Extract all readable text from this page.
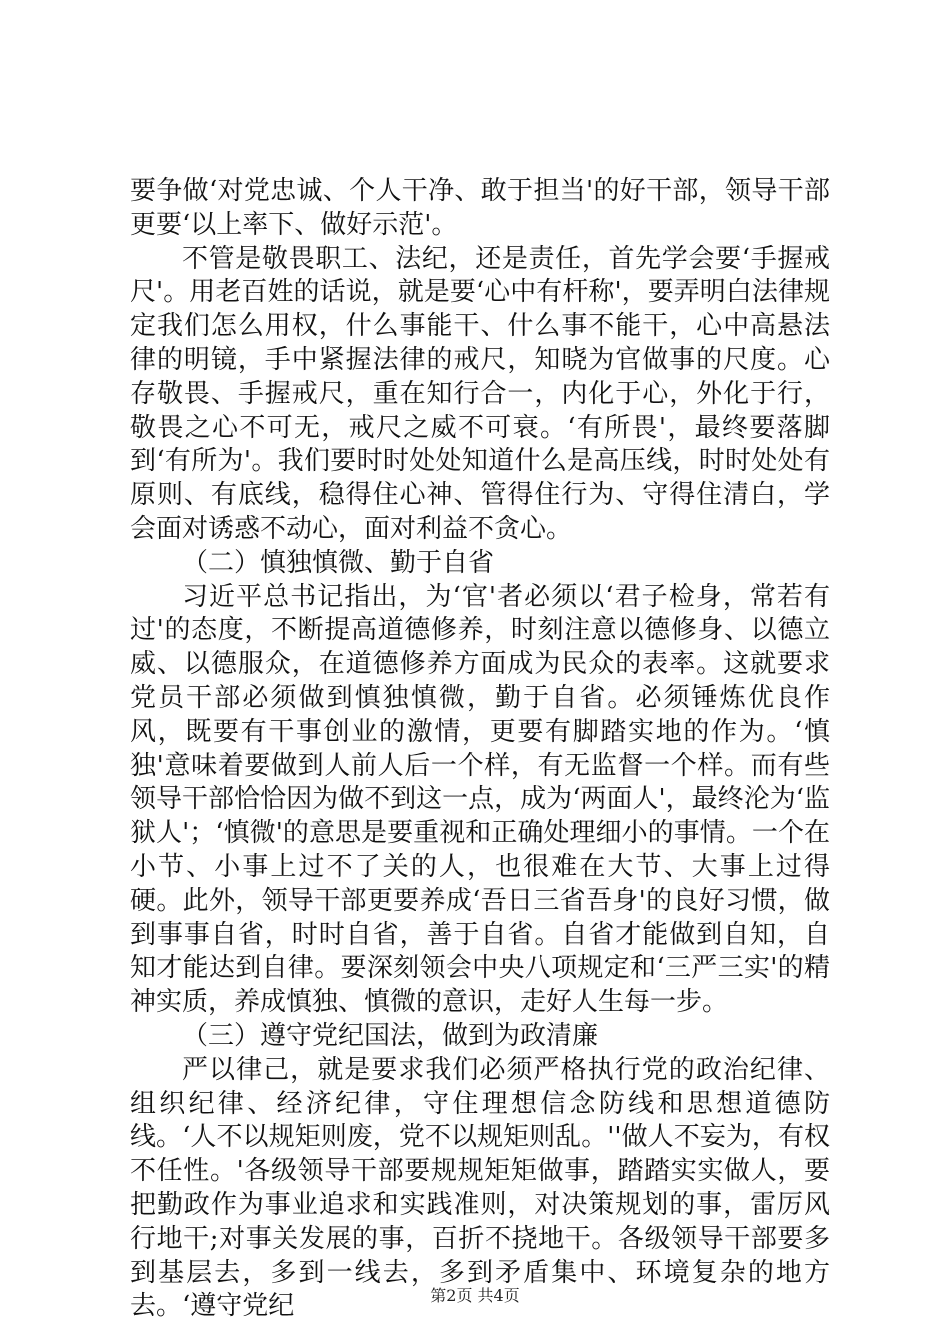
要争做‘对党忠诚、个人干净、敢于担当'的好干部，领导干部更要‘以上率下、做好示范'。

不管是敬畏职工、法纪，还是责任，首先学会要‘手握戒尺'。用老百姓的话说，就是要‘心中有杆称'，要弄明白法律规定我们怎么用权，什么事能干、什么事不能干，心中高悬法律的明镜，手中紧握法律的戒尺，知晓为官做事的尺度。心存敬畏、手握戒尺，重在知行合一，内化于心，外化于行，敬畏之心不可无，戒尺之威不可衰。‘有所畏'，最终要落脚到‘有所为'。我们要时时处处知道什么是高压线，时时处处有原则、有底线，稳得住心神、管得住行为、守得住清白，学会面对诱惑不动心，面对利益不贪心。

（二）慎独慎微、勤于自省

习近平总书记指出，为‘官'者必须以‘君子检身，常若有过'的态度，不断提高道德修养，时刻注意以德修身、以德立威、以德服众，在道德修养方面成为民众的表率。这就要求党员干部必须做到慎独慎微，勤于自省。必须锤炼优良作风，既要有干事创业的激情，更要有脚踏实地的作为。‘慎独'意味着要做到人前人后一个样，有无监督一个样。而有些领导干部恰恰因为做不到这一点，成为‘两面人'，最终沦为‘监狱人'；‘慎微'的意思是要重视和正确处理细小的事情。一个在小节、小事上过不了关的人，也很难在大节、大事上过得硬。此外，领导干部更要养成‘吾日三省吾身'的良好习惯，做到事事自省，时时自省，善于自省。自省才能做到自知，自知才能达到自律。要深刻领会中央八项规定和‘三严三实'的精神实质，养成慎独、慎微的意识，走好人生每一步。

（三）遵守党纪国法，做到为政清廉

严以律己，就是要求我们必须严格执行党的政治纪律、组织纪律、经济纪律，守住理想信念防线和思想道德防线。‘人不以规矩则废，党不以规矩则乱。''做人不妄为，有权不任性。'各级领导干部要规规矩矩做事，踏踏实实做人，要把勤政作为事业追求和实践准则，对决策规划的事，雷厉风行地干;对事关发展的事，百折不挠地干。各级领导干部要多到基层去，多到一线去，多到矛盾集中、环境复杂的地方去。‘遵守党纪	第2页 共4页
